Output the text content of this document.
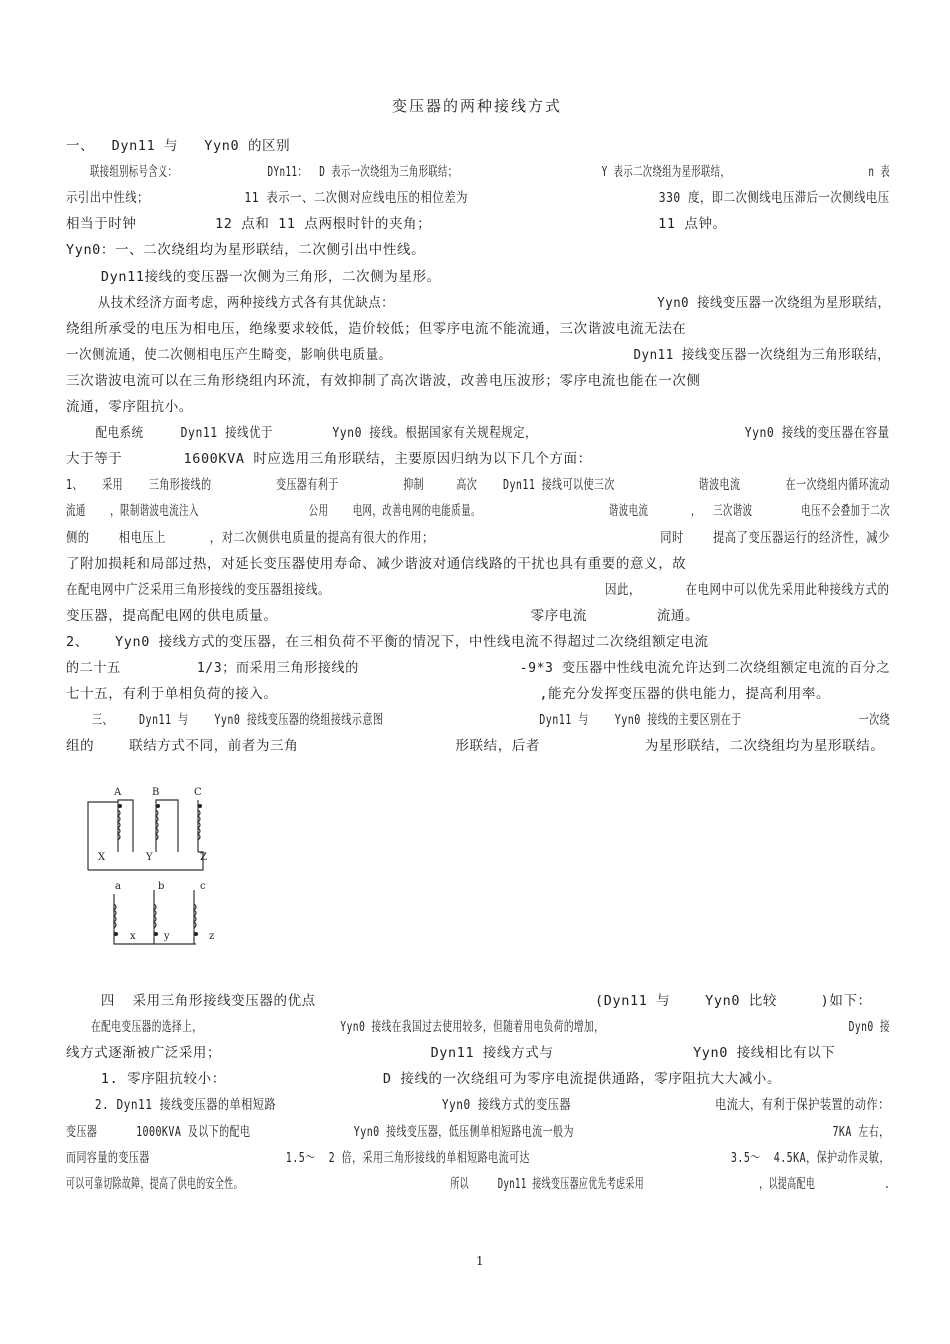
变压器的两种接线方式
一、  Dyn11 与   Yyn0 的区别
联接组别标号含义：               DYn11：  D 表示一次绕组为三角形联结；                        Y 表示二次绕组为星形联结，                       n 表
示引出中性线；             11 表示一、二次侧对应线电压的相位差为                          330 度，即二次侧线电压滞后一次侧线电压
相当于时钟         12 点和 11 点两根时针的夹角；                          11 点钟。
Yyn0：一、二次绕组均为星形联结，二次侧引出中性线。
Dyn11接线的变压器一次侧为三角形，二次侧为星形。
从技术经济方面考虑，两种接线方式各有其优缺点：                                 Yyn0 接线变压器一次绕组为星形联结，
绕组所承受的电压为相电压，绝缘要求较低，造价较低；但零序电流不能流通，三次谐波电流无法在
一次侧流通，使二次侧相电压产生畸变，影响供电质量。                              Dyn11 接线变压器一次绕组为三角形联结，
三次谐波电流可以在三角形绕组内环流，有效抑制了高次谐波，改善电压波形；零序电流也能在一次侧
流通，零序阻抗小。
配电系统     Dyn11 接线优于        Yyn0 接线。根据国家有关规程规定，                            Yyn0 接线的变压器在容量
大于等于       1600KVA 时应选用三角形联结，主要原因归纳为以下几个方面：
1、   采用    三角形接线的          变压器有利于          抑制     高次    Dyn11 接线可以使三次             谐波电流       在一次绕组内循环流动
流通    ，限制谐波电流注入                  公用    电网，改善电网的电能质量。                     谐波电流       ，  三次谐波        电压不会叠加于二次
侧的    相电压上      ，对二次侧供电质量的提高有很大的作用；                               同时    提高了变压器运行的经济性，减少
了附加损耗和局部过热，对延长变压器使用寿命、减少谐波对通信线路的干扰也具有重要的意义，故
在配电网中广泛采用三角形接线的变压器组接线。                                     因此，      在电网中可以优先采用此种接线方式的
变压器，提高配电网的供电质量。                             零序电流        流通。
2、   Yyn0 接线方式的变压器，在三相负荷不平衡的情况下，中性线电流不得超过二次绕组额定电流
的二十五         1/3；而采用三角形接线的                   -9*3 变压器中性线电流允许达到二次绕组额定电流的百分之
七十五，有利于单相负荷的接入。                              ,能充分发挥变压器的供电能力，提高利用率。
三、    Dyn11 与    Yyn0 接线变压器的绕组接线示意图                        Dyn11 与    Yyn0 接线的主要区别在于                  一次绕
组的    联结方式不同，前者为三角                  形联结，后者            为星形联结，二次绕组均为星形联结。
四  采用三角形接线变压器的优点                                (Dyn11 与    Yyn0 比较     )如下：
在配电变压器的选择上，                      Yyn0 接线在我国过去使用较多，但随着用电负荷的增加，                                       Dyn0 接
线方式逐渐被广泛采用；                        Dyn11 接线方式与                Yyn0 接线相比有以下
1. 零序阻抗较小：                  D 接线的一次绕组可为零序电流提供通路，零序阻抗大大减小。
2. Dyn11 接线变压器的单相短路                       Yyn0 接线方式的变压器                    电流大，有利于保护装置的动作：
变压器      1000KVA 及以下的配电                Yyn0 接线变压器，低压侧单相短路电流一般为                                        7KA 左右，
而同容量的变压器                     1.5～  2 倍，采用三角形接线的单相短路电流可达                               3.5～  4.5KA，保护动作灵敏，
可以可靠切除故障，提高了供电的安全性。                                    所以     Dyn11 接线变压器应优先考虑采用                    ，以提高配电            .
A	B	C
X	Y	Z
a	b	c
x	y	z
1
